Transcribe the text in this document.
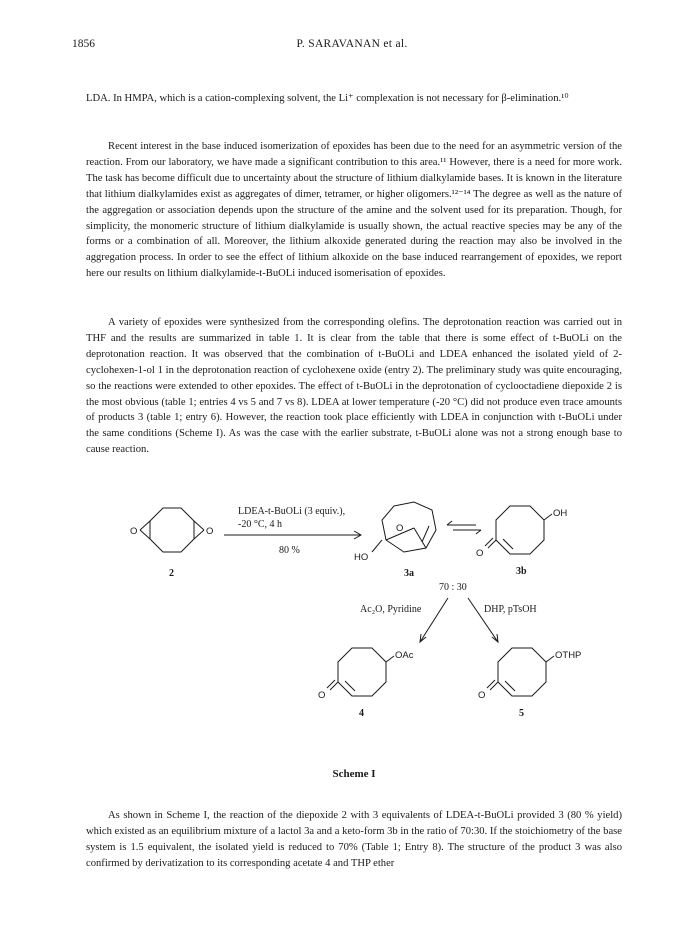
1856	P. SARAVANAN et al.
LDA. In HMPA, which is a cation-complexing solvent, the Li⁺ complexation is not necessary for β-elimination.¹⁰
Recent interest in the base induced isomerization of epoxides has been due to the need for an asymmetric version of the reaction. From our laboratory, we have made a significant contribution to this area.¹¹ However, there is a need for more work. The task has become difficult due to uncertainty about the structure of lithium dialkylamide bases. It is known in the literature that lithium dialkylamides exist as aggregates of dimer, tetramer, or higher oligomers.¹²⁻¹⁴ The degree as well as the nature of the aggregation or association depends upon the structure of the amine and the solvent used for its preparation. Though, for simplicity, the monomeric structure of lithium dialkylamide is usually shown, the actual reactive species may be any of the forms or a combination of all. Moreover, the lithium alkoxide generated during the reaction may also be involved in the aggregation process. In order to see the effect of lithium alkoxide on the base induced rearrangement of epoxides, we report here our results on lithium dialkylamide-t-BuOLi induced isomerisation of epoxides.
A variety of epoxides were synthesized from the corresponding olefins. The deprotonation reaction was carried out in THF and the results are summarized in table 1. It is clear from the table that there is some effect of t-BuOLi on the deprotonation reaction. It was observed that the combination of t-BuOLi and LDEA enhanced the isolated yield of 2-cyclohexen-1-ol 1 in the deprotonation reaction of cyclohexene oxide (entry 2). The preliminary study was quite encouraging, so the reactions were extended to other epoxides. The effect of t-BuOLi in the deprotonation of cyclooctadiene diepoxide 2 is the most obvious (table 1; entries 4 vs 5 and 7 vs 8). LDEA at lower temperature (-20 °C) did not produce even trace amounts of products 3 (table 1; entry 6). However, the reaction took place efficiently with LDEA in conjunction with t-BuOLi under the same conditions (Scheme I). As was the case with the earlier substrate, t-BuOLi alone was not a strong enough base to cause reaction.
O	O
2
LDEA-t-BuOLi (3 equiv.),
-20 °C, 4 h
80 %
O
HO
3a
O
OH
3b
70 : 30
Ac₂O, Pyridine	DHP, pTsOH
O
OAc
4
O
OTHP
5
Scheme I
As shown in Scheme I, the reaction of the diepoxide 2 with 3 equivalents of LDEA-t-BuOLi provided 3 (80 % yield) which existed as an equilibrium mixture of a lactol 3a and a keto-form 3b in the ratio of 70:30. If the stoichiometry of the base system is 1.5 equivalent, the isolated yield is reduced to 70% (Table 1; Entry 8). The structure of the product 3 was also confirmed by derivatization to its corresponding acetate 4 and THP ether
